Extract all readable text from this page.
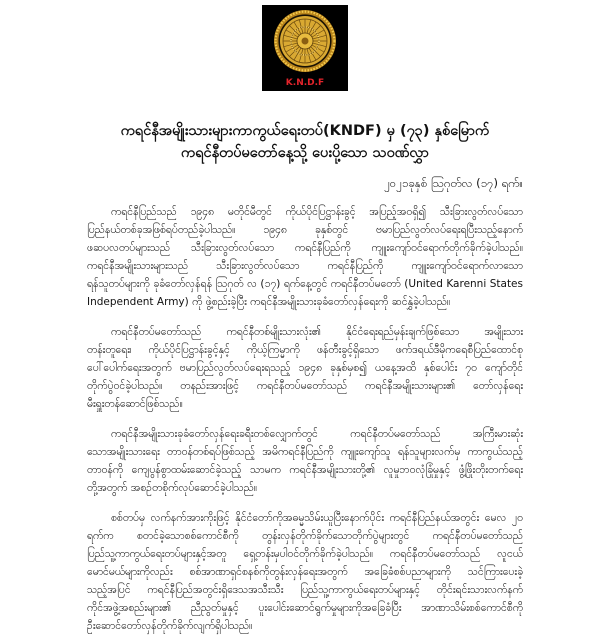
K.N.D.F
ကရင်နီအမျိုးသားများကာကွယ်ရေးတပ်(KNDF) မှ (၇၃) နှစ်မြောက်
ကရင်နီတပ်မတော်နေ့သို့ ပေးပို့သော သဝဏ်လွှာ
၂၀၂၁ခုနှစ် ဩဂုတ်လ (၁၇) ရက်။
ကရင်နီပြည်သည် ၁၉၄၈ မတိုင်မီတွင် ကိုယ်ပိုင်ပြဋ္ဌာန်းခွင့် အပြည့်အဝရှိ၍ သီးခြားလွတ်လပ်သော
ပြည်နယ်တစ်ခုအဖြစ်ရပ်တည်ခဲ့ပါသည်။ ၁၉၄၈ ခုနှစ်တွင် ဗမာပြည်လွတ်လပ်ရေးရပြီးသည့်နောက်
ဖဆပလတပ်များသည် သီးခြားလွတ်လပ်သော ကရင်နီပြည်ကို ကျူးကျော်ဝင်ရောက်တိုက်ခိုက်ခဲ့ပါသည်။
ကရင်နီအမျိုးသားများသည် သီးခြားလွတ်လပ်သော ကရင်နီပြည်ကို ကျူးကျော်ဝင်ရောက်လာသော
ရန်သူတပ်များကို ခုခံတော်လှန်ရန် ဩဂုတ် လ (၁၇) ရက်နေ့တွင် ကရင်နီတပ်မတော် (United Karenni States
Independent Army) ကို ဖွဲ့စည်းခဲ့ပြီး ကရင်နီအမျိုးသားခုခံတော်လှန်ရေးကို ဆင်နွှဲခဲ့ပါသည်။
ကရင်နီတပ်မတော်သည် ကရင်နီတစ်မျိုးသားလုံး၏ နိုင်ငံရေးရည်မှန်းချက်ဖြစ်သော အမျိုးသား
တန်းတူရေး၊ ကိုယ်ပိုင်ပြဋ္ဌာန်းခွင့်နှင့် ကိုယ့်ကြမ္မာကို ဖန်တီးခွင့်ရှိသော ဖက်ဒရယ်ဒီမိုကရေစီပြည်ထောင်စု
ပေါ်ပေါက်ရေးအတွက် ဗမာပြည်လွတ်လပ်ရေးရသည့် ၁၉၄၈ ခုနှစ်မှစ၍ ယနေ့အထိ နှစ်ပေါင်း ၇၀ ကျော်တိုင်
တိုက်ပွဲဝင်ခဲ့ပါသည်။ တနည်းအားဖြင့် ကရင်နီတပ်မတော်သည် ကရင်နီအမျိုးသားများ၏ တော်လှန်ရေး
မီးရှူးတန်ဆောင်ဖြစ်သည်။
ကရင်နီအမျိုးသားခုခံတော်လှန်ရေးခရီးတစ်လျှောက်တွင် ကရင်နီတပ်မတော်သည် အကြီးမားဆုံး
သောအမျိုးသားရေး တာဝန်တစ်ရပ်ဖြစ်သည့် အမိကရင်နီပြည်ကို ကျူးကျော်သူ ရန်သူများလက်မှ ကာကွယ်သည့်
တာဝန်ကို ကျေပွန်စွာထမ်းဆောင်ခဲ့သည့် သာမက ကရင်နီအမျိုးသားတို့၏ လူမှုဘဝလုံခြုံမှုနှင့် ဖွံ့ဖြိုးတိုးတက်ရေး
တို့အတွက် အစဉ်တစိုက်လုပ်ဆောင်ခဲ့ပါသည်။
စစ်တပ်မှ လက်နက်အားကိုးဖြင့် နိုင်ငံတော်ကိုအဓမ္မသိမ်းယူပြီးနောက်ပိုင်း ကရင်နီပြည်နယ်အတွင်း မေလ ၂၀
ရက်က စတင်ခဲ့သောစစ်ကောင်စီကို တွန်းလှန်တိုက်ခိုက်သောတိုက်ပွဲများတွင် ကရင်နီတပ်မတော်သည်
ပြည်သူ့ကာကွယ်ရေးတပ်များနှင့်အတူ ရှေ့တန်းမှပါဝင်တိုက်ခိုက်ခဲ့ပါသည်။ ကရင်နီတပ်မတော်သည် လူငယ်
မောင်မယ်များကိုလည်း စစ်အာဏာရှင်စနစ်ကိုတွန်းလှန်ရေးအတွက် အခြေခံစစ်ပညာများကို သင်ကြားပေးခဲ့
သည့်အပြင် ကရင်နီပြည်အတွင်းရှိဒေသအသီးသီး ပြည်သူ့ကာကွယ်ရေးတပ်များနှင့် တိုင်းရင်းသားလက်နက်
ကိုင်အဖွဲ့အစည်းများ၏ ညီညွတ်မှုနှင့် ပူးပေါင်းဆောင်ရွက်မှုများကိုအခြေခံပြီး အာဏာသိမ်းစစ်ကောင်စီကို
ဦးဆောင်တော်လှန်တိုက်ခိုက်လျက်ရှိပါသည်။
